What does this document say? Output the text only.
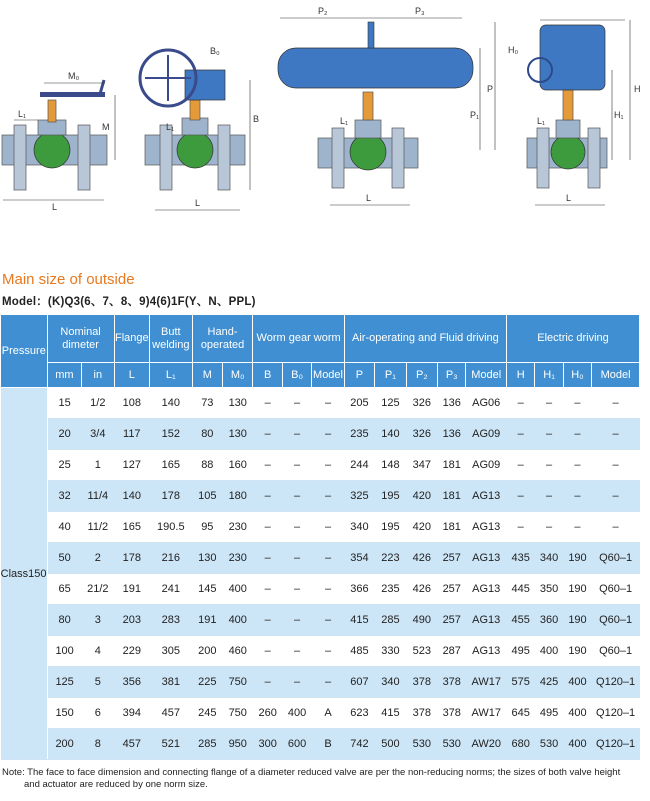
M₀
L₁
M
L
B₀
L₁
B
L
P₂	P₃
L₁
P₁
P
L
H₀
L₁
H
H₁
L
Main size of outside
Model：(K)Q3(6、7、8、9)4(6)1F(Y、N、PPL)
Pressure	Nominal dimeter		Flange	Butt welding	Hand-operated		Worm gear worm			Air-operating and Fluid driving					Electric driving			
	mm	in	L	L₁	M	M₀	B	B₀	Model	P	P₁	P₂	P₃	Model	H	H₁	H₀	Model
Class150	15	1/2	108	140	73	130	–	–	–	205	125	326	136	AG06	–	–	–	–
	20	3/4	117	152	80	130	–	–	–	235	140	326	136	AG09	–	–	–	–
	25	1	127	165	88	160	–	–	–	244	148	347	181	AG09	–	–	–	–
	32	11/4	140	178	105	180	–	–	–	325	195	420	181	AG13	–	–	–	–
	40	11/2	165	190.5	95	230	–	–	–	340	195	420	181	AG13	–	–	–	–
	50	2	178	216	130	230	–	–	–	354	223	426	257	AG13	435	340	190	Q60–1
	65	21/2	191	241	145	400	–	–	–	366	235	426	257	AG13	445	350	190	Q60–1
	80	3	203	283	191	400	–	–	–	415	285	490	257	AG13	455	360	190	Q60–1
	100	4	229	305	200	460	–	–	–	485	330	523	287	AG13	495	400	190	Q60–1
	125	5	356	381	225	750	–	–	–	607	340	378	378	AW17	575	425	400	Q120–1
	150	6	394	457	245	750	260	400	A	623	415	378	378	AW17	645	495	400	Q120–1
	200	8	457	521	285	950	300	600	B	742	500	530	530	AW20	680	530	400	Q120–1
Note: The face to face dimension and connecting flange of a diameter reduced valve are per the non-reducing norms; the sizes of both valve height
and actuator are reduced by one norm size.
